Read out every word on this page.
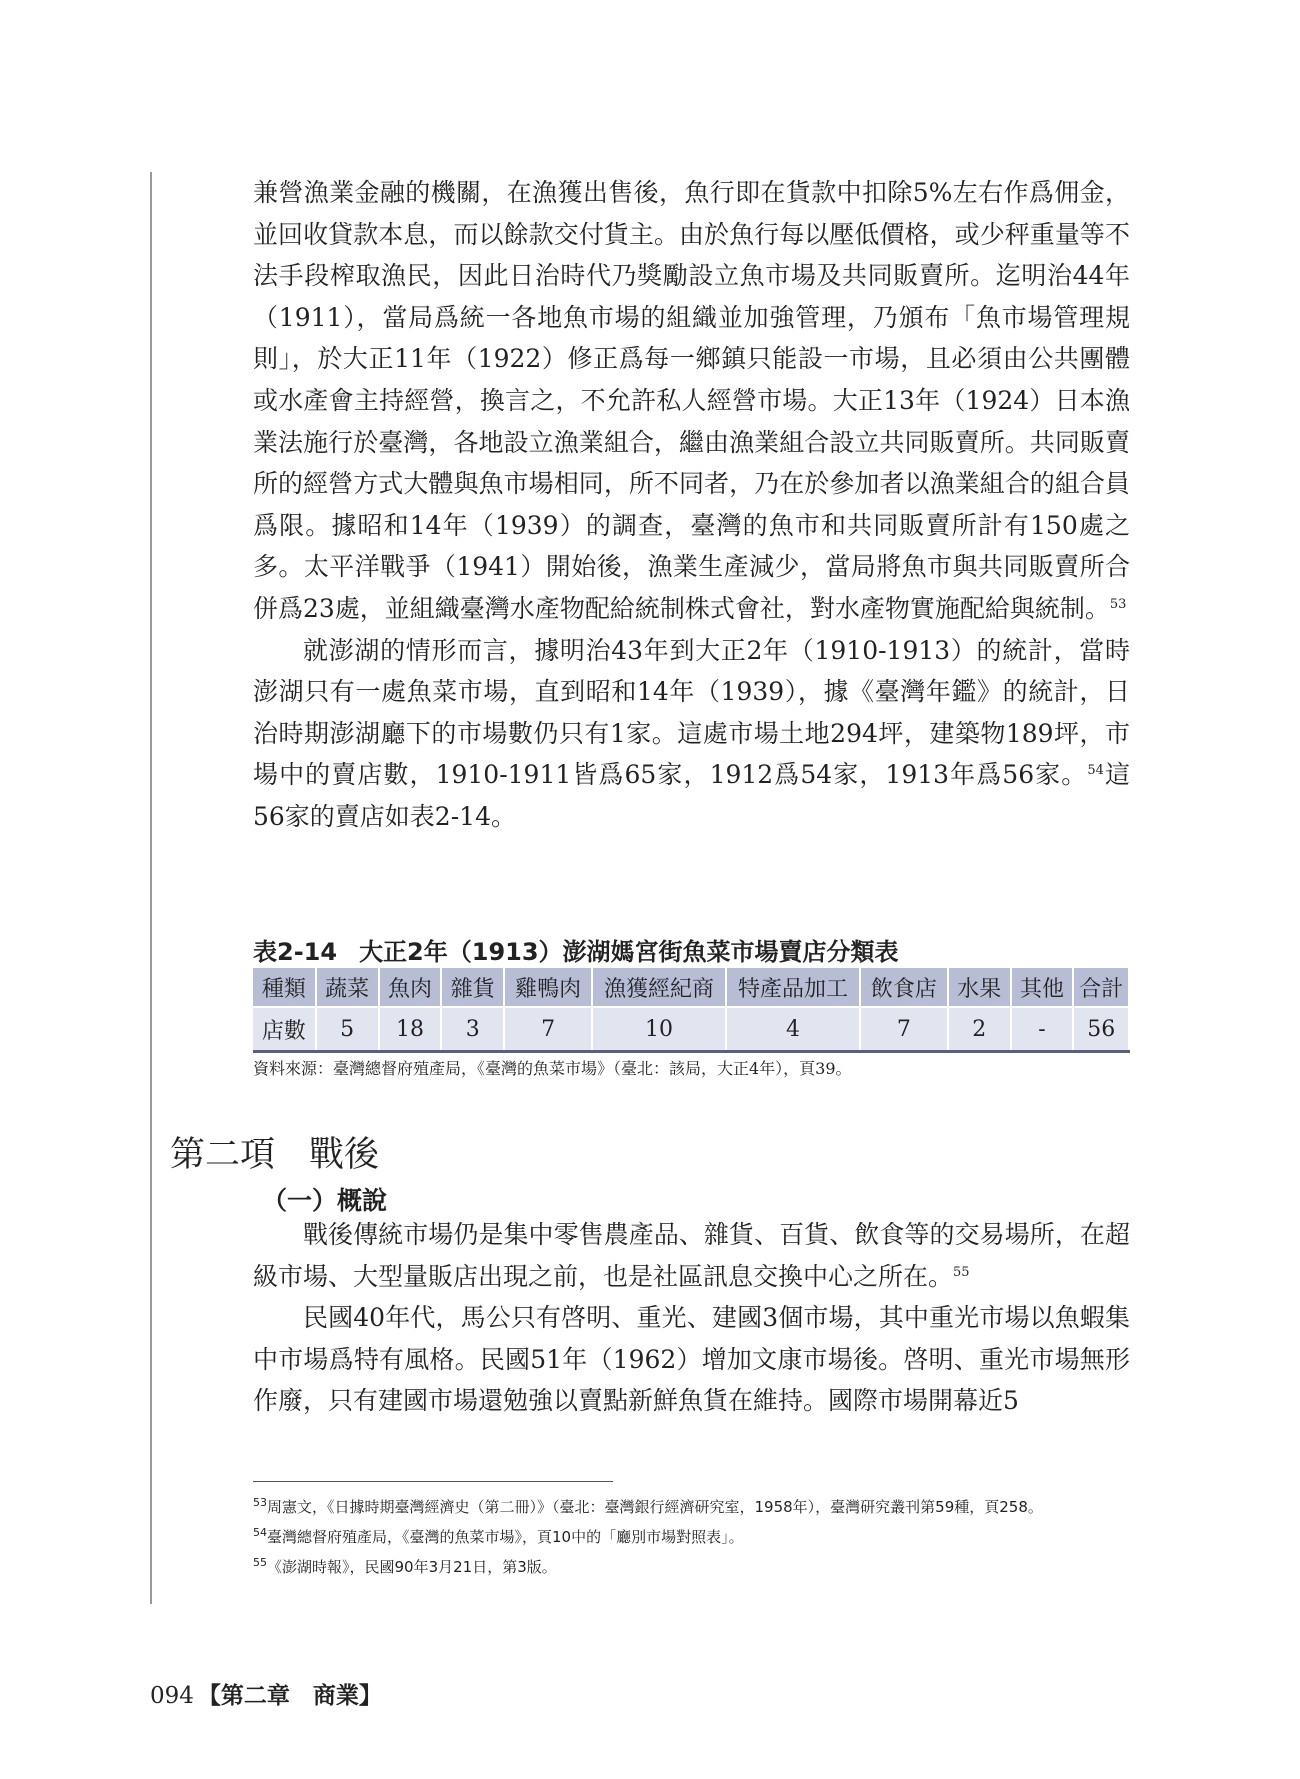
兼營漁業金融的機關，在漁獲出售後，魚行即在貨款中扣除5%左右作爲佣金，並回收貸款本息，而以餘款交付貨主。由於魚行每以壓低價格，或少秤重量等不法手段榨取漁民，因此日治時代乃獎勵設立魚市場及共同販賣所。迄明治44年（1911），當局爲統一各地魚市場的組織並加強管理，乃頒布「魚市場管理規則」，於大正11年（1922）修正爲每一鄉鎮只能設一市場，且必須由公共團體或水產會主持經營，換言之，不允許私人經營市場。大正13年（1924）日本漁業法施行於臺灣，各地設立漁業組合，繼由漁業組合設立共同販賣所。共同販賣所的經營方式大體與魚市場相同，所不同者，乃在於參加者以漁業組合的組合員爲限。據昭和14年（1939）的調查，臺灣的魚市和共同販賣所計有150處之多。太平洋戰爭（1941）開始後，漁業生產減少，當局將魚市與共同販賣所合併爲23處，並組織臺灣水產物配給統制株式會社，對水產物實施配給與統制。$^{53}$

就澎湖的情形而言，據明治43年到大正2年（1910-1913）的統計，當時澎湖只有一處魚菜市場，直到昭和14年（1939），據《臺灣年鑑》的統計，日治時期澎湖廳下的市場數仍只有1家。這處市場土地294坪，建築物189坪，市場中的賣店數，1910-1911皆爲65家，1912爲54家，1913年爲56家。$^{54}$這56家的賣店如表2-14。

表2-14 大正2年（1913）澎湖媽宮街魚菜市場賣店分類表
種類	蔬菜	魚肉	雜貨	雞鴨肉	漁獲經紀商	特產品加工	飲食店	水果	其他	合計
店數	5	18	3	7	10	4	7	2	-	56
資料來源：臺灣總督府殖產局，《臺灣的魚菜市場》（臺北：該局，大正4年），頁39。
第二項 戰後
（一）概說

戰後傳統市場仍是集中零售農產品、雜貨、百貨、飲食等的交易場所，在超級市場、大型量販店出現之前，也是社區訊息交換中心之所在。$^{55}$

民國40年代，馬公只有啓明、重光、建國3個市場，其中重光市場以魚蝦集中市場爲特有風格。民國51年（1962）增加文康市場後。啓明、重光市場無形作廢，只有建國市場還勉強以賣點新鮮魚貨在維持。國際市場開幕近5

$^{53}$周憲文，《日據時期臺灣經濟史（第二冊）》（臺北：臺灣銀行經濟研究室，1958年），臺灣研究叢刊第59種，頁258。

$^{54}$臺灣總督府殖產局，《臺灣的魚菜市場》，頁10中的「廳別市場對照表」。

$^{55}$《澎湖時報》，民國90年3月21日，第3版。

094 【第二章　商業】
